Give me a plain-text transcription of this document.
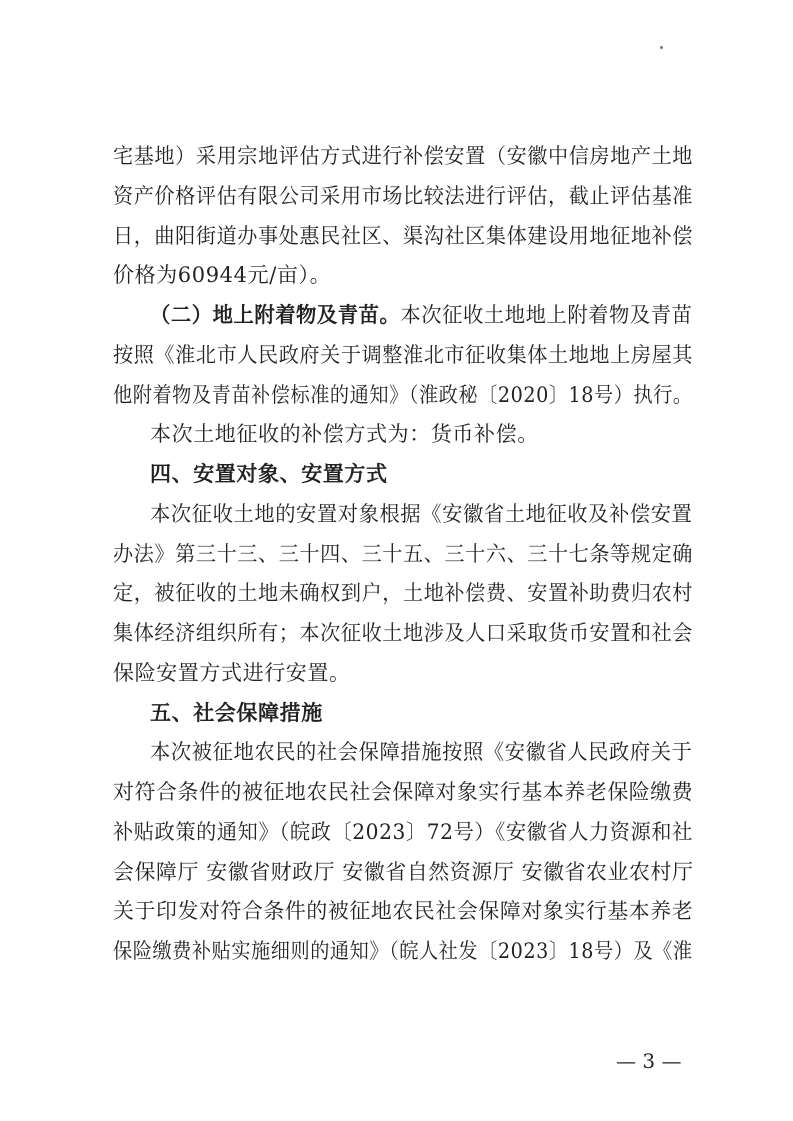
宅基地）采用宗地评估方式进行补偿安置（安徽中信房地产土地
资产价格评估有限公司采用市场比较法进行评估，截止评估基准
日，曲阳街道办事处惠民社区、渠沟社区集体建设用地征地补偿
价格为60944元/亩）。
（二）地上附着物及青苗。本次征收土地地上附着物及青苗
按照《淮北市人民政府关于调整淮北市征收集体土地地上房屋其
他附着物及青苗补偿标准的通知》（淮政秘〔2020〕18号）执行。
本次土地征收的补偿方式为：货币补偿。
四、安置对象、安置方式
本次征收土地的安置对象根据《安徽省土地征收及补偿安置
办法》第三十三、三十四、三十五、三十六、三十七条等规定确
定，被征收的土地未确权到户，土地补偿费、安置补助费归农村
集体经济组织所有；本次征收土地涉及人口采取货币安置和社会
保险安置方式进行安置。
五、社会保障措施
本次被征地农民的社会保障措施按照《安徽省人民政府关于
对符合条件的被征地农民社会保障对象实行基本养老保险缴费
补贴政策的通知》（皖政〔2023〕72号）《安徽省人力资源和社
会保障厅 安徽省财政厅 安徽省自然资源厅 安徽省农业农村厅
关于印发对符合条件的被征地农民社会保障对象实行基本养老
保险缴费补贴实施细则的通知》（皖人社发〔2023〕18号）及《淮
— 3 —
